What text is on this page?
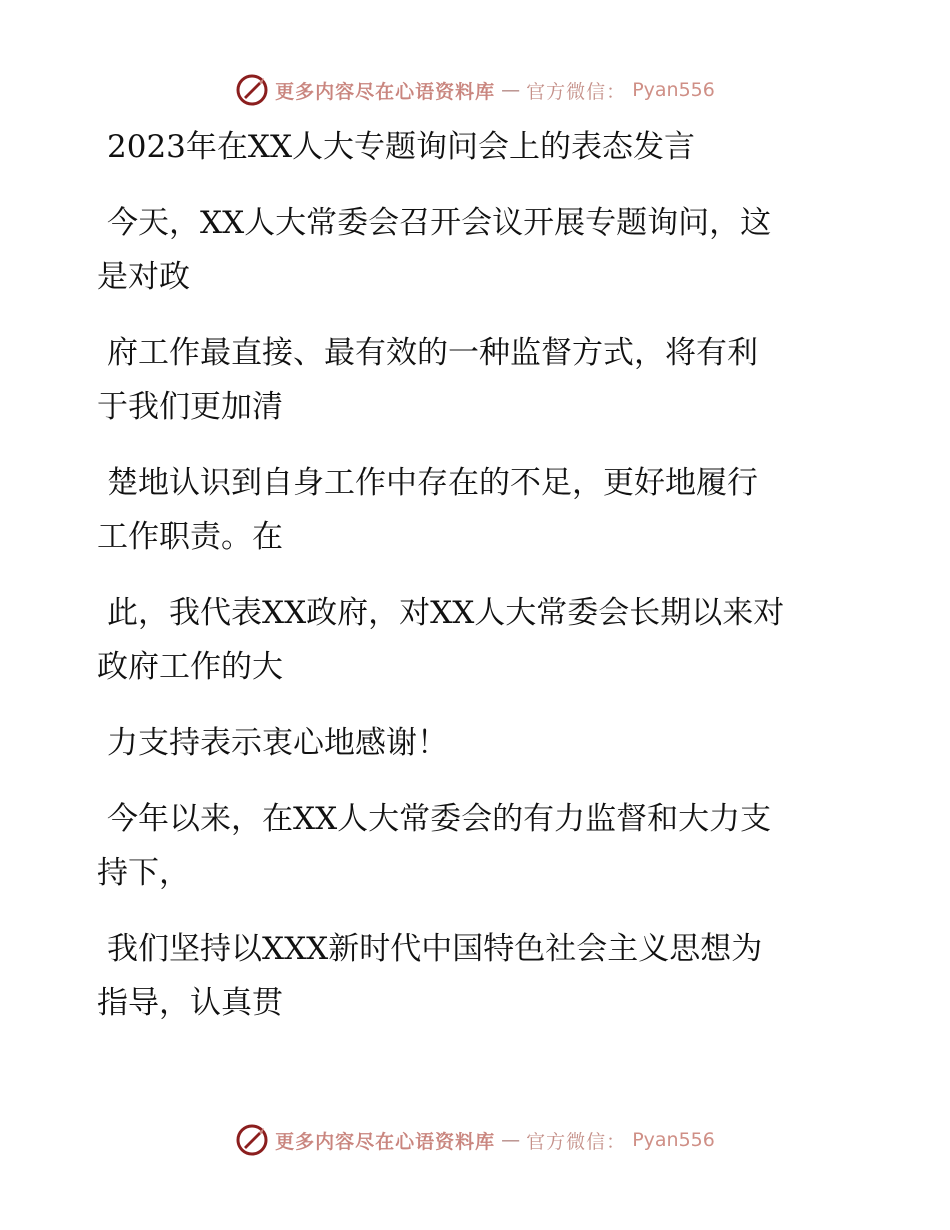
更多内容尽在心语资料库 — 官方微信： Pyan556

2023年在XX人大专题询问会上的表态发言

今天，XX人大常委会召开会议开展专题询问，这

是对政

府工作最直接、最有效的一种监督方式，将有利

于我们更加清

楚地认识到自身工作中存在的不足，更好地履行

工作职责。在

此，我代表XX政府，对XX人大常委会长期以来对

政府工作的大

力支持表示衷心地感谢！

今年以来，在XX人大常委会的有力监督和大力支

持下，

我们坚持以XXX新时代中国特色社会主义思想为

指导，认真贯

更多内容尽在心语资料库 — 官方微信： Pyan556
